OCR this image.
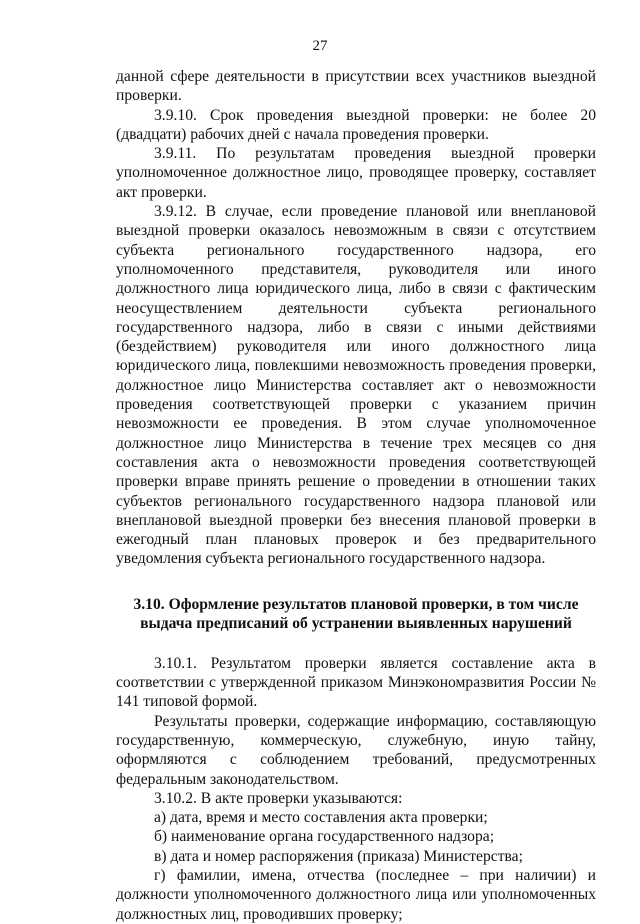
27

данной сфере деятельности в присутствии всех участников выездной проверки.

3.9.10. Срок проведения выездной проверки: не более 20 (двадцати) рабочих дней с начала проведения проверки.

3.9.11. По результатам проведения выездной проверки уполномоченное должностное лицо, проводящее проверку, составляет акт проверки.

3.9.12. В случае, если проведение плановой или внеплановой выездной проверки оказалось невозможным в связи с отсутствием субъекта регионального государственного надзора, его уполномоченного представителя, руководителя или иного должностного лица юридического лица, либо в связи с фактическим неосуществлением деятельности субъекта регионального государственного надзора, либо в связи с иными действиями (бездействием) руководителя или иного должностного лица юридического лица, повлекшими невозможность проведения проверки, должностное лицо Министерства составляет акт о невозможности проведения соответствующей проверки с указанием причин невозможности ее проведения. В этом случае уполномоченное должностное лицо Министерства в течение трех месяцев со дня составления акта о невозможности проведения соответствующей проверки вправе принять решение о проведении в отношении таких субъектов регионального государственного надзора плановой или внеплановой выездной проверки без внесения плановой проверки в ежегодный план плановых проверок и без предварительного уведомления субъекта регионального государственного надзора.

3.10. Оформление результатов плановой проверки, в том числе
выдача предписаний об устранении выявленных нарушений

3.10.1. Результатом проверки является составление акта в соответствии с утвержденной приказом Минэкономразвития России № 141 типовой формой.

Результаты проверки, содержащие информацию, составляющую государственную, коммерческую, служебную, иную тайну, оформляются с соблюдением требований, предусмотренных федеральным законодательством.

3.10.2. В акте проверки указываются:

а) дата, время и место составления акта проверки;

б) наименование органа государственного надзора;

в) дата и номер распоряжения (приказа) Министерства;

г) фамилии, имена, отчества (последнее – при наличии) и должности уполномоченного должностного лица или уполномоченных должностных лиц, проводивших проверку;
